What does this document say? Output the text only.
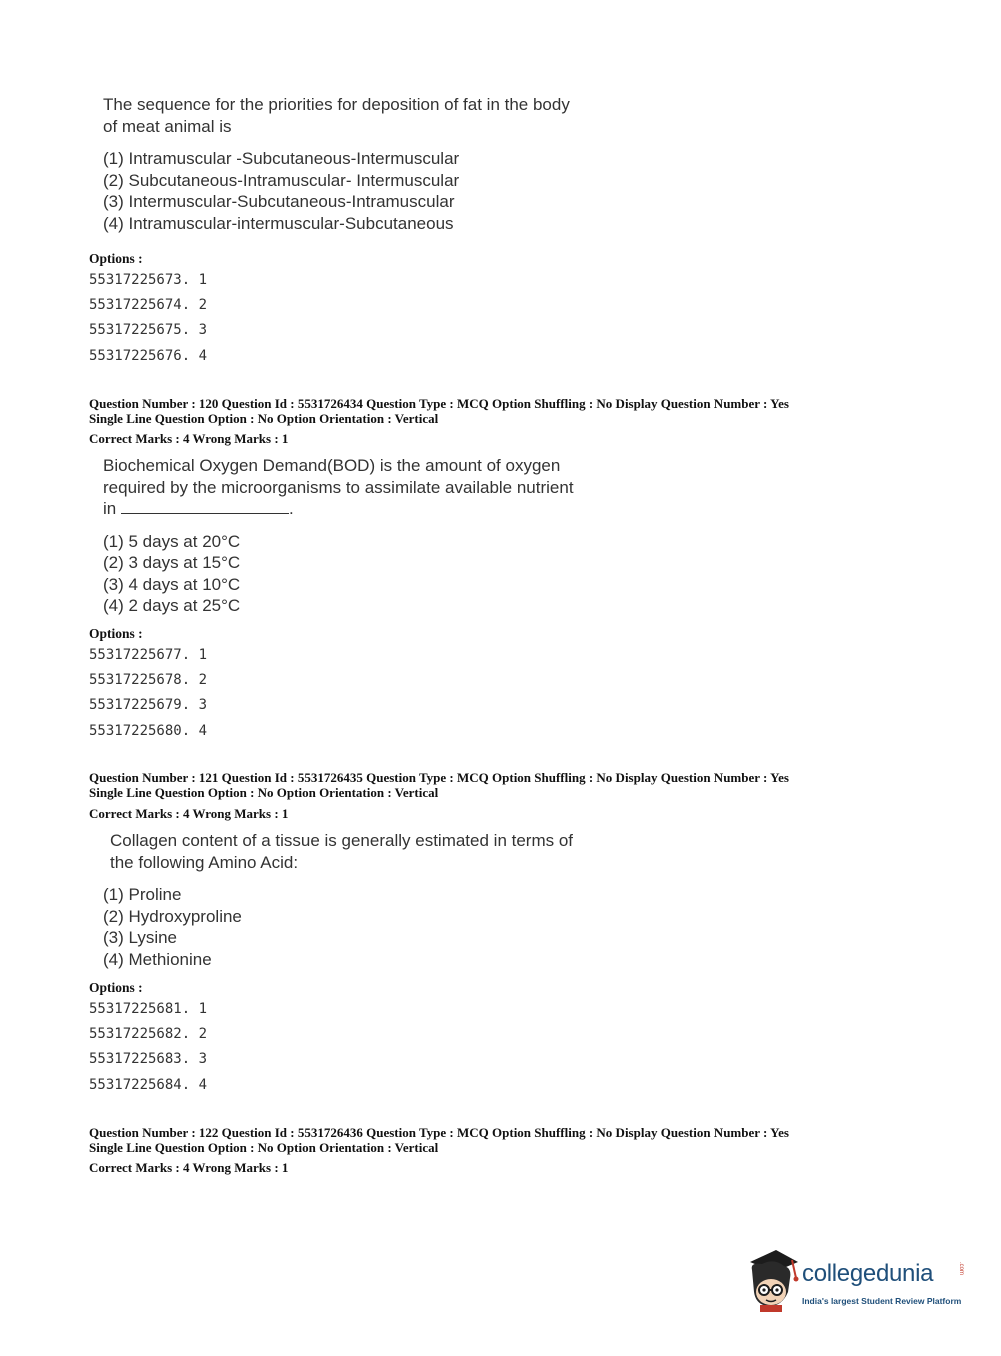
The sequence for the priorities for deposition of fat in the body
of meat animal is
(1) Intramuscular -Subcutaneous-Intermuscular
(2) Subcutaneous-Intramuscular- Intermuscular
(3) Intermuscular-Subcutaneous-Intramuscular
(4) Intramuscular-intermuscular-Subcutaneous
Options :
55317225673. 1
55317225674. 2
55317225675. 3
55317225676. 4
Question Number : 120 Question Id : 5531726434 Question Type : MCQ Option Shuffling : No Display Question Number : Yes
Single Line Question Option : No Option Orientation : Vertical
Correct Marks : 4 Wrong Marks : 1
Biochemical Oxygen Demand(BOD) is the amount of oxygen
required by the microorganisms to assimilate available nutrient
in	.
(1) 5 days at 20°C
(2) 3 days at 15°C
(3) 4 days at 10°C
(4) 2 days at 25°C
Options :
55317225677. 1
55317225678. 2
55317225679. 3
55317225680. 4
Question Number : 121 Question Id : 5531726435 Question Type : MCQ Option Shuffling : No Display Question Number : Yes
Single Line Question Option : No Option Orientation : Vertical
Correct Marks : 4 Wrong Marks : 1
Collagen content of a tissue is generally estimated in terms of
the following Amino Acid:
(1) Proline
(2) Hydroxyproline
(3) Lysine
(4) Methionine
Options :
55317225681. 1
55317225682. 2
55317225683. 3
55317225684. 4
Question Number : 122 Question Id : 5531726436 Question Type : MCQ Option Shuffling : No Display Question Number : Yes
Single Line Question Option : No Option Orientation : Vertical
Correct Marks : 4 Wrong Marks : 1
collegedunia	.com
India's largest Student Review Platform
